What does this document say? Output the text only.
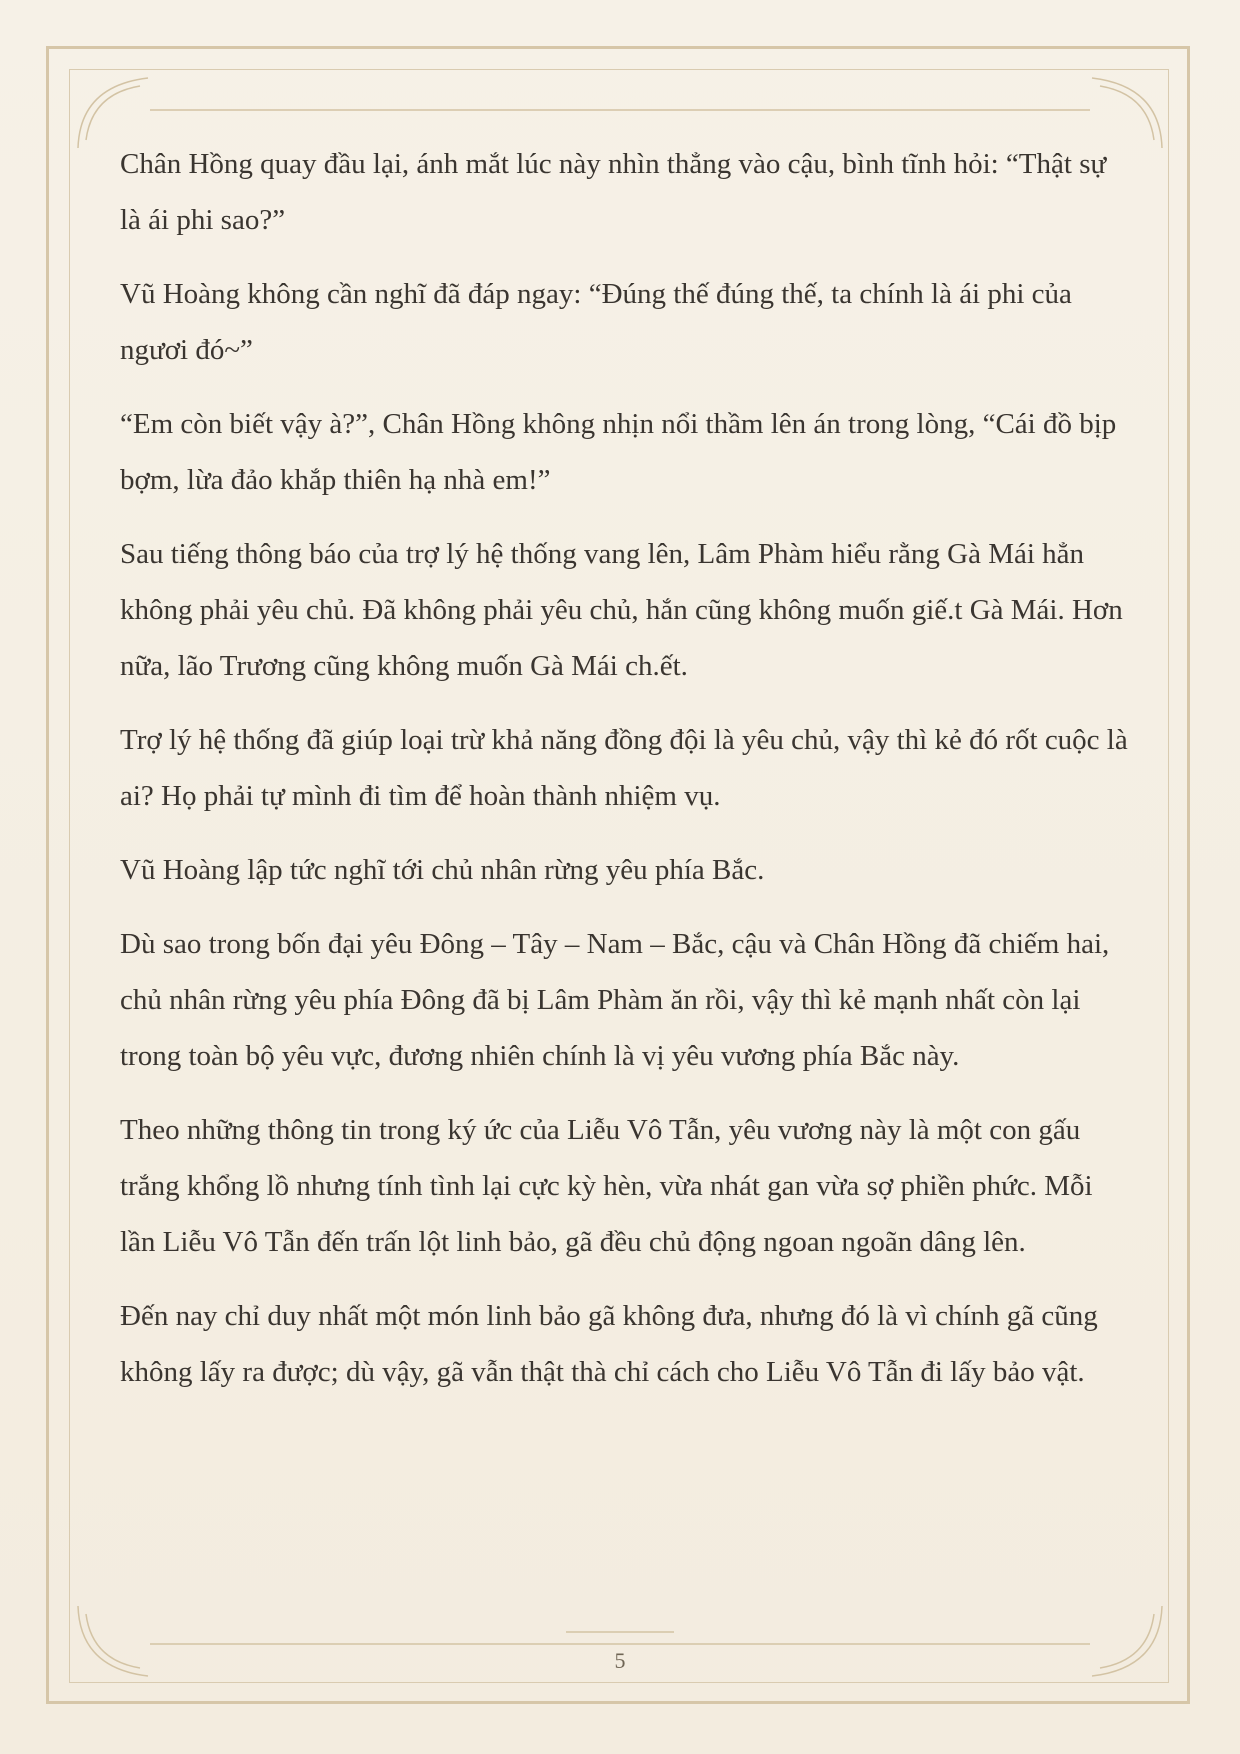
Chân Hồng quay đầu lại, ánh mắt lúc này nhìn thẳng vào cậu, bình tĩnh hỏi: “Thật sự là ái phi sao?”

Vũ Hoàng không cần nghĩ đã đáp ngay: “Đúng thế đúng thế, ta chính là ái phi của ngươi đó~”

“Em còn biết vậy à?”, Chân Hồng không nhịn nổi thầm lên án trong lòng, “Cái đồ bịp bợm, lừa đảo khắp thiên hạ nhà em!”

Sau tiếng thông báo của trợ lý hệ thống vang lên, Lâm Phàm hiểu rằng Gà Mái hẳn không phải yêu chủ. Đã không phải yêu chủ, hắn cũng không muốn giế.t Gà Mái. Hơn nữa, lão Trương cũng không muốn Gà Mái ch.ết.

Trợ lý hệ thống đã giúp loại trừ khả năng đồng đội là yêu chủ, vậy thì kẻ đó rốt cuộc là ai? Họ phải tự mình đi tìm để hoàn thành nhiệm vụ.

Vũ Hoàng lập tức nghĩ tới chủ nhân rừng yêu phía Bắc.

Dù sao trong bốn đại yêu Đông – Tây – Nam – Bắc, cậu và Chân Hồng đã chiếm hai, chủ nhân rừng yêu phía Đông đã bị Lâm Phàm ăn rồi, vậy thì kẻ mạnh nhất còn lại trong toàn bộ yêu vực, đương nhiên chính là vị yêu vương phía Bắc này.

Theo những thông tin trong ký ức của Liễu Vô Tẫn, yêu vương này là một con gấu trắng khổng lồ nhưng tính tình lại cực kỳ hèn, vừa nhát gan vừa sợ phiền phức. Mỗi lần Liễu Vô Tẫn đến trấn lột linh bảo, gã đều chủ động ngoan ngoãn dâng lên.

Đến nay chỉ duy nhất một món linh bảo gã không đưa, nhưng đó là vì chính gã cũng không lấy ra được; dù vậy, gã vẫn thật thà chỉ cách cho Liễu Vô Tẫn đi lấy bảo vật.

5
